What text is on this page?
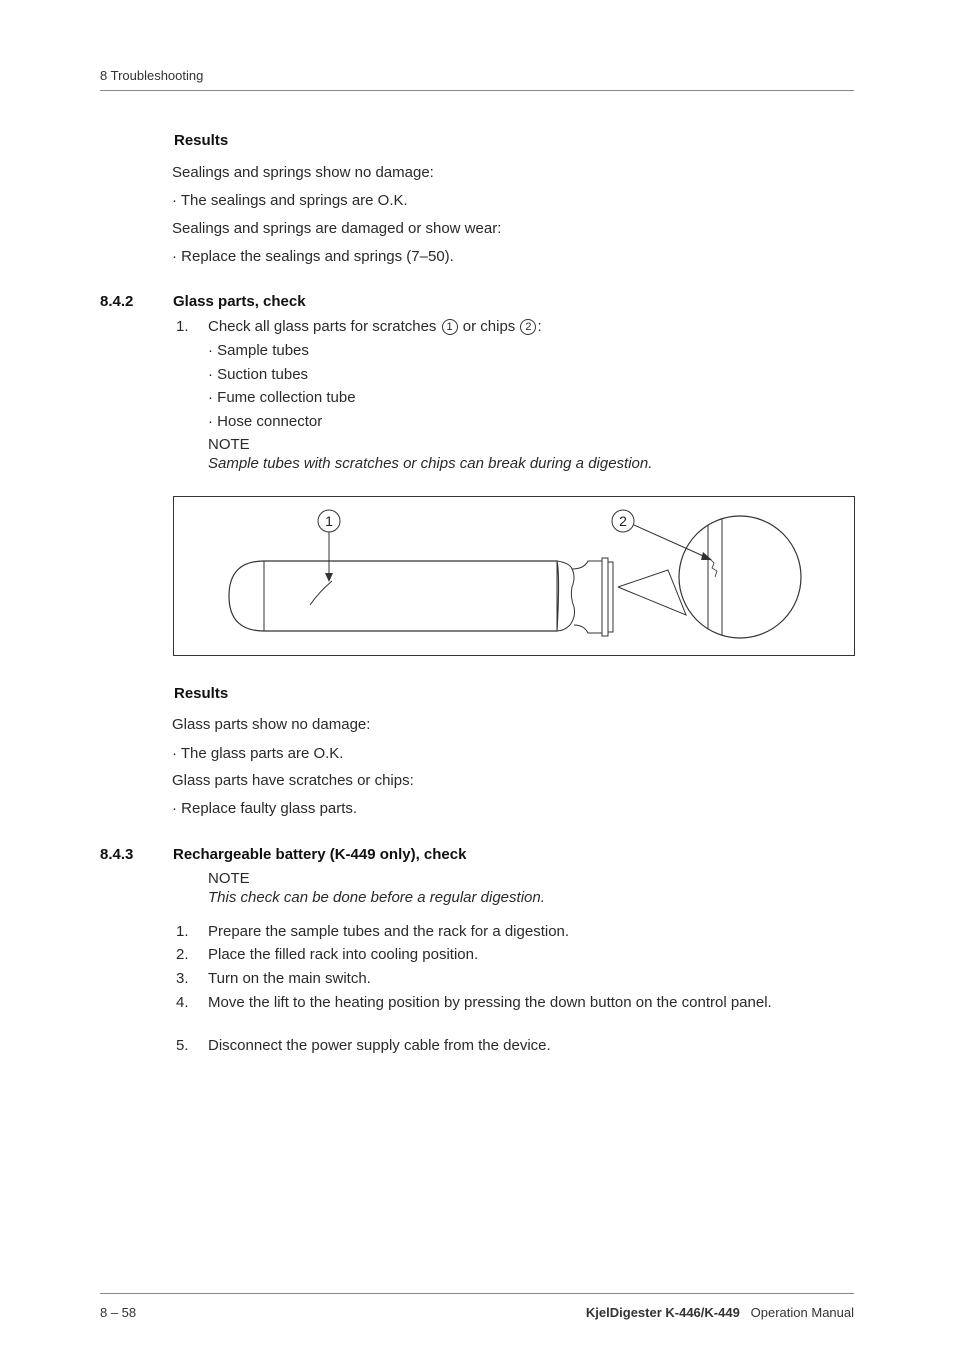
8 Troubleshooting
Results
Sealings and springs show no damage:
· The sealings and springs are O.K.
Sealings and springs are damaged or show wear:
· Replace the sealings and springs (7–50).
8.4.2	Glass parts, check
1. Check all glass parts for scratches 1 or chips 2 :
· Sample tubes
· Suction tubes
· Fume collection tube
· Hose connector
NOTE
Sample tubes with scratches or chips can break during a digestion.
1	2
Results
Glass parts show no damage:
· The glass parts are O.K.
Glass parts have scratches or chips:
· Replace faulty glass parts.
8.4.3	Rechargeable battery (K-449 only), check
NOTE
This check can be done before a regular digestion.
1. Prepare the sample tubes and the rack for a digestion.
2. Place the filled rack into cooling position.
3. Turn on the main switch.
4. Move the lift to the heating position by pressing the down button on the control panel.
5. Disconnect the power supply cable from the device.
8 – 58	KjelDigester K-446/K-449 Operation Manual
